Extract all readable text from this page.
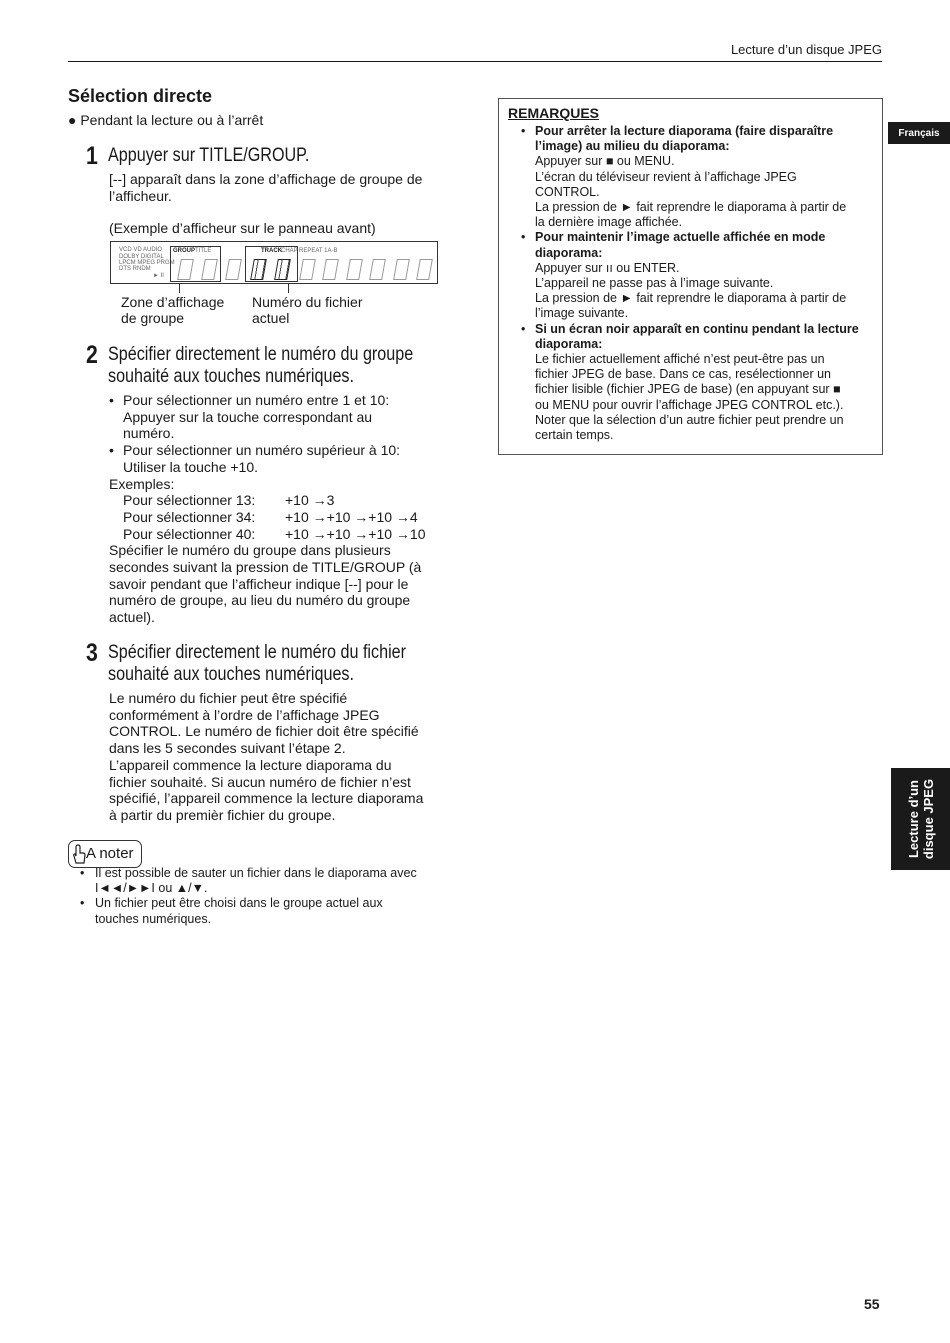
Lecture d’un disque JPEG
Français
Lecture d’un disque JPEG
Sélection directe
● Pendant la lecture ou à l’arrêt
1 Appuyer sur TITLE/GROUP.

[--] apparaît dans la zone d’affichage de groupe de

l’afficheur.

(Exemple d’afficheur sur le panneau avant)
VCD VD AUDIO
DOLBY DIGITAL
LPCM MPEG PRGM
DTS RNDM
► II
GROUP TITLE	TRACK CHAP REPEAT 1A-B
Zone d’affichage
de groupe
Numéro du fichier
actuel
2 Spécifier directement le numéro du groupe
souhaité aux touches numériques.

• Pour sélectionner un numéro entre 1 et 10:

Appuyer sur la touche correspondant au

numéro.

• Pour sélectionner un numéro supérieur à 10:

Utiliser la touche +10.

Exemples:

Pour sélectionner 13:	+10 →3
Pour sélectionner 34:	+10 →+10 →+10 →4
Pour sélectionner 40:	+10 →+10 →+10 →10

Spécifier le numéro du groupe dans plusieurs

secondes suivant la pression de TITLE/GROUP (à

savoir pendant que l’afficheur indique [--] pour le

numéro de groupe, au lieu du numéro du groupe

actuel).

3 Spécifier directement le numéro du fichier
souhaité aux touches numériques.

Le numéro du fichier peut être spécifié

conformément à l’ordre de l’affichage JPEG

CONTROL. Le numéro de fichier doit être spécifié

dans les 5 secondes suivant l’étape 2.

L’appareil commence la lecture diaporama du

fichier souhaité. Si aucun numéro de fichier n’est

spécifié, l’appareil commence la lecture diaporama

à partir du premièr fichier du groupe.

REMARQUES
• Pour arrêter la lecture diaporama (faire disparaître
l’image) au milieu du diaporama:
Appuyer sur ■ ou MENU.
L’écran du téléviseur revient à l’affichage JPEG
CONTROL.
La pression de ► fait reprendre le diaporama à partir de
la dernière image affichée.
• Pour maintenir l’image actuelle affichée en mode
diaporama:
Appuyer sur ıı ou ENTER.
L’appareil ne passe pas à l’image suivante.
La pression de ► fait reprendre le diaporama à partir de
l’image suivante.
• Si un écran noir apparaît en continu pendant la lecture
diaporama:
Le fichier actuellement affiché n’est peut-être pas un
fichier JPEG de base. Dans ce cas, resélectionner un
fichier lisible (fichier JPEG de base) (en appuyant sur ■
ou MENU pour ouvrir l’affichage JPEG CONTROL etc.).
Noter que la sélection d’un autre fichier peut prendre un
certain temps.
A noter
• Il est possible de sauter un fichier dans le diaporama avec
I◄◄/►►I ou ▲/▼.
• Un fichier peut être choisi dans le groupe actuel aux
touches numériques.
55
